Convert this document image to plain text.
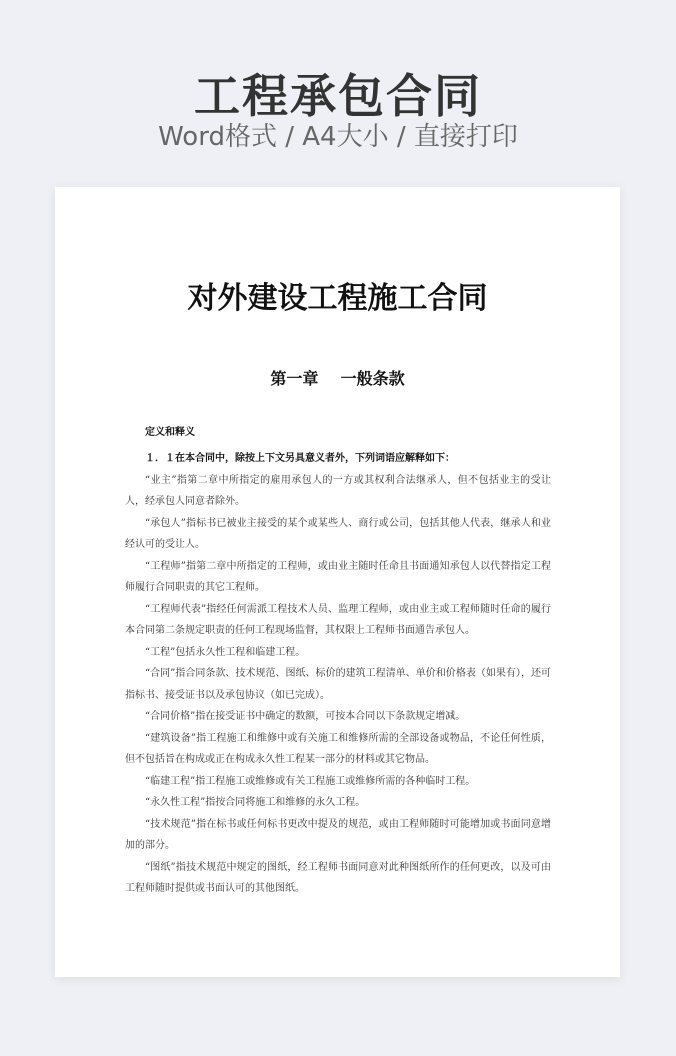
工程承包合同
Word格式 / A4大小 / 直接打印
对外建设工程施工合同
第一章    一般条款
定义和释义

１．１在本合同中，除按上下文另具意义者外，下列词语应解释如下：

“业主”指第二章中所指定的雇用承包人的一方或其权利合法继承人，但不包括业主的受让人，经承包人同意者除外。

“承包人”指标书已被业主接受的某个或某些人、商行或公司，包括其他人代表，继承人和业经认可的受让人。

“工程师”指第二章中所指定的工程师，或由业主随时任命且书面通知承包人以代替指定工程师履行合同职责的其它工程师。

“工程师代表”指经任何需派工程技术人员、监理工程师，或由业主或工程师随时任命的履行本合同第二条规定职责的任何工程现场监督，其权限上工程师书面通告承包人。

“工程”包括永久性工程和临建工程。

“合同”指合同条款、技术规范、图纸、标价的建筑工程清单、单价和价格表（如果有），还可指标书、接受证书以及承包协议（如已完成）。

“合同价格”指在接受证书中确定的数额，可按本合同以下条款规定增减。

“建筑设备”指工程施工和维修中或有关施工和维修所需的全部设备或物品，不论任何性质，但不包括旨在构成或正在构成永久性工程某一部分的材料或其它物品。

“临建工程”指工程施工或维修或有关工程施工或维修所需的各种临时工程。

“永久性工程”指按合同将施工和维修的永久工程。

“技术规范”指在标书或任何标书更改中提及的规范，或由工程师随时可能增加或书面同意增加的部分。

“图纸”指技术规范中规定的图纸，经工程师书面同意对此种图纸所作的任何更改，以及可由工程师随时提供或书面认可的其他图纸。
